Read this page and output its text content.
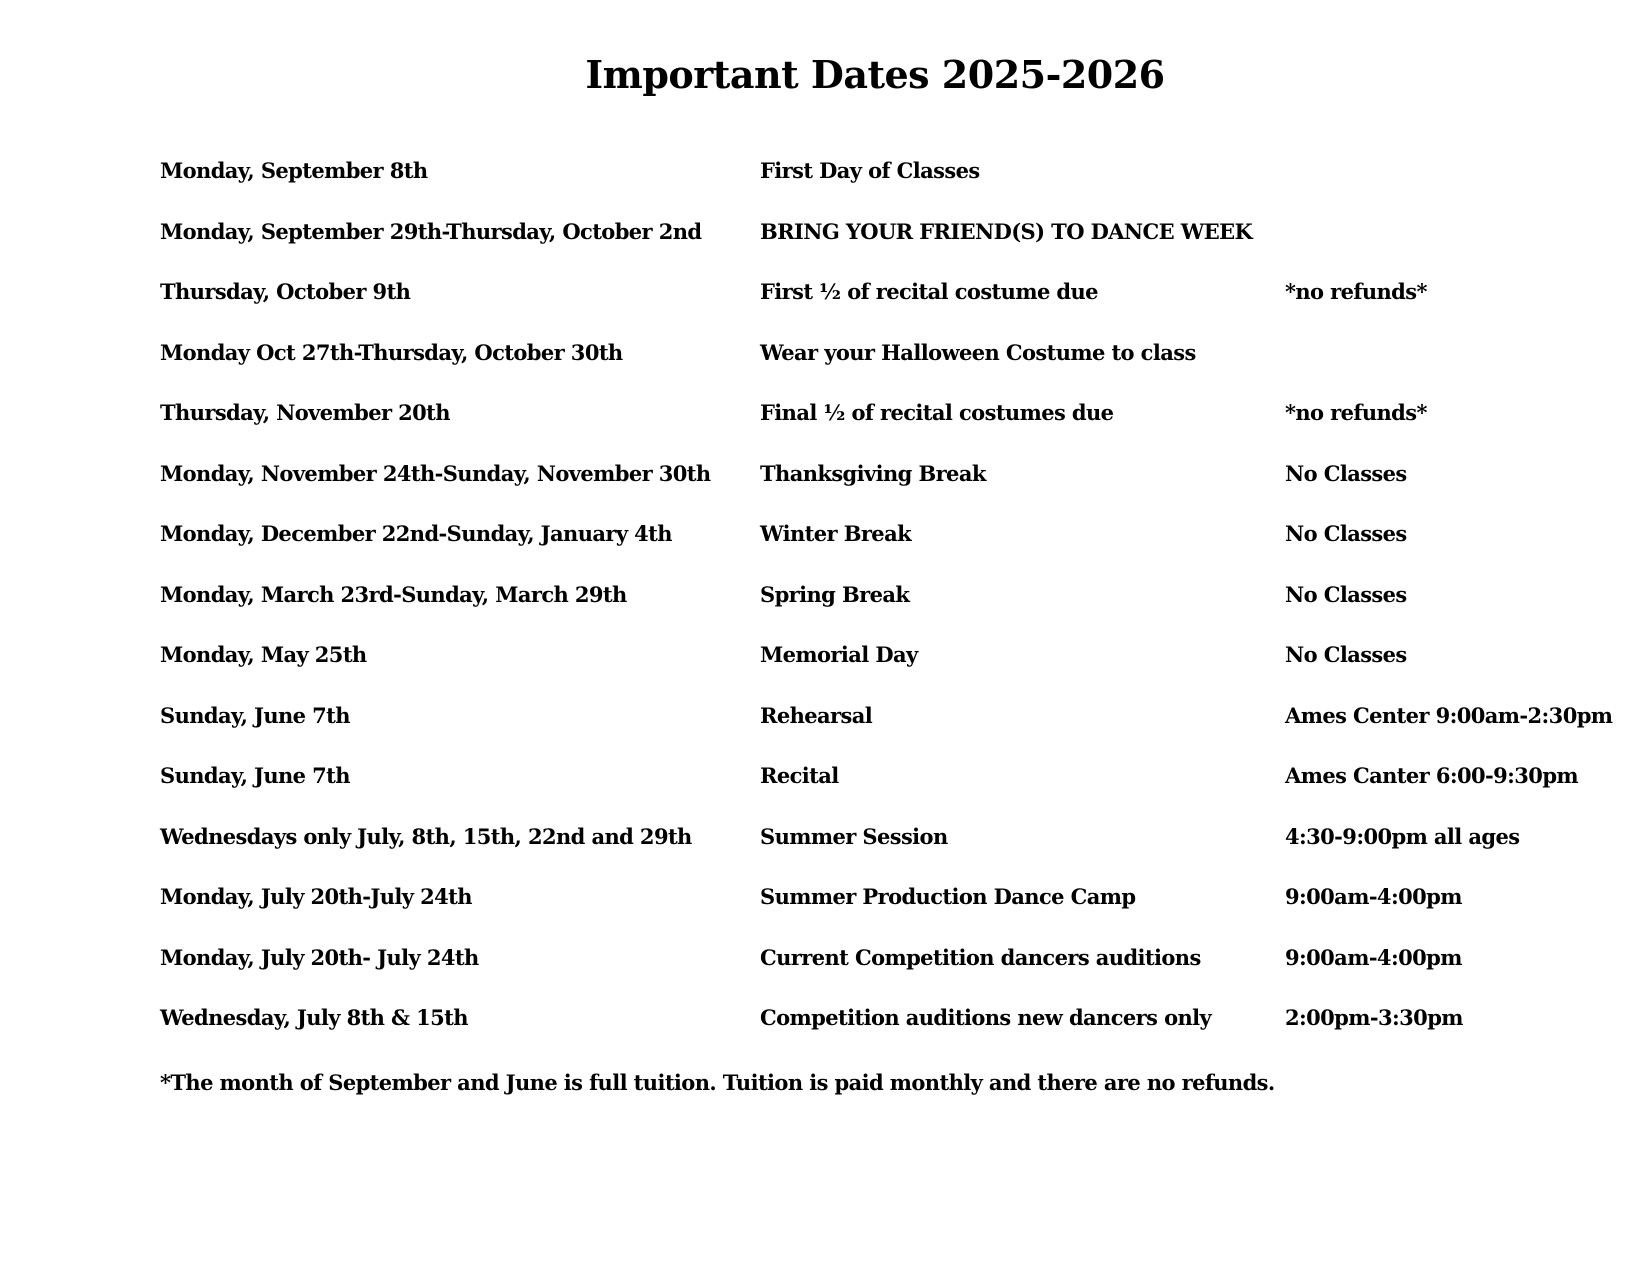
Important Dates 2025-2026
Monday, September 8th	First Day of Classes
Monday, September 29th-Thursday, October 2nd	BRING YOUR FRIEND(S) TO DANCE WEEK
Thursday, October 9th	First ½ of recital costume due	*no refunds*
Monday Oct 27th-Thursday, October 30th	Wear your Halloween Costume to class
Thursday, November 20th	Final ½ of recital costumes due	*no refunds*
Monday, November 24th-Sunday, November 30th Thanksgiving Break	No Classes
Monday, December 22nd-Sunday, January 4th	Winter Break	No Classes
Monday, March 23rd-Sunday, March 29th	Spring Break	No Classes
Monday, May 25th	Memorial Day	No Classes
Sunday, June 7th	Rehearsal	Ames Center 9:00am-2:30pm
Sunday, June 7th	Recital	Ames Canter 6:00-9:30pm
Wednesdays only July, 8th, 15th, 22nd and 29th	Summer Session	4:30-9:00pm all ages
Monday, July 20th-July 24th	Summer Production Dance Camp	9:00am-4:00pm
Monday, July 20th- July 24th	Current Competition dancers auditions	9:00am-4:00pm
Wednesday, July 8th & 15th	Competition auditions new dancers only	2:00pm-3:30pm
*The month of September and June is full tuition. Tuition is paid monthly and there are no refunds.
